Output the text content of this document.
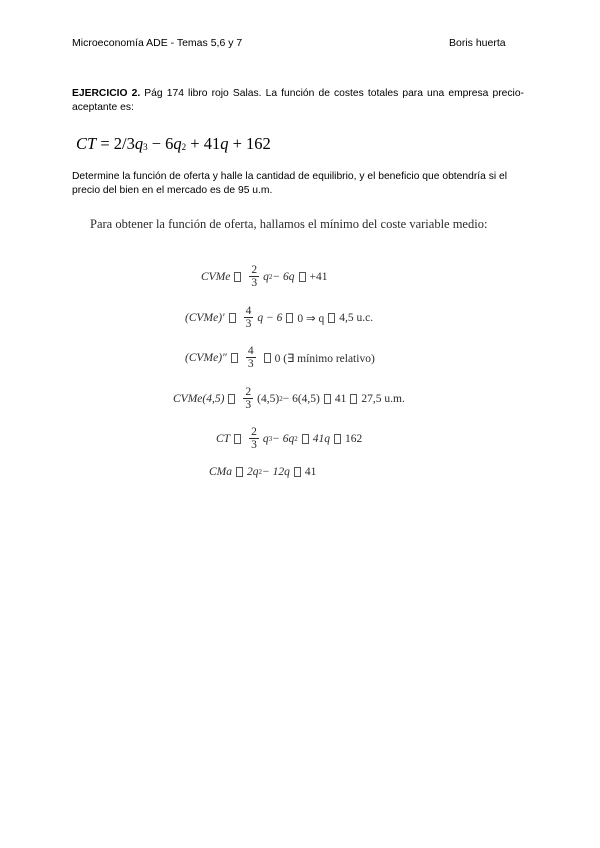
Microeconomía ADE - Temas 5,6 y 7	Boris huerta
EJERCICIO 2. Pág 174 libro rojo Salas. La función de costes totales para una empresa precio-aceptante es:
CT = 2/3q3 − 6q2 + 41q + 162
Determine la función de oferta y halle la cantidad de equilibrio, y el beneficio que obtendría si el precio del bien en el mercado es de 95 u.m.
Para obtener la función de oferta, hallamos el mínimo del coste variable medio:
CVMe $\frac{2}{3}$ q 2 − 6q +41
(CVMe)′ $\frac{4}{3}$ q − 6 0 ⇒ q 4,5 u.c.
(CVMe)″ $\frac{4}{3} 0$ (∃ mínimo relativo)
CVMe(4,5) $\frac{2}{3} (4,5) 2 - 6(4,5)$ 41 27,5 u.m.
CT $\frac{2}{3}$ q 3 − 6q 2 41q 162
CMa 2q 2 − 12q 41
